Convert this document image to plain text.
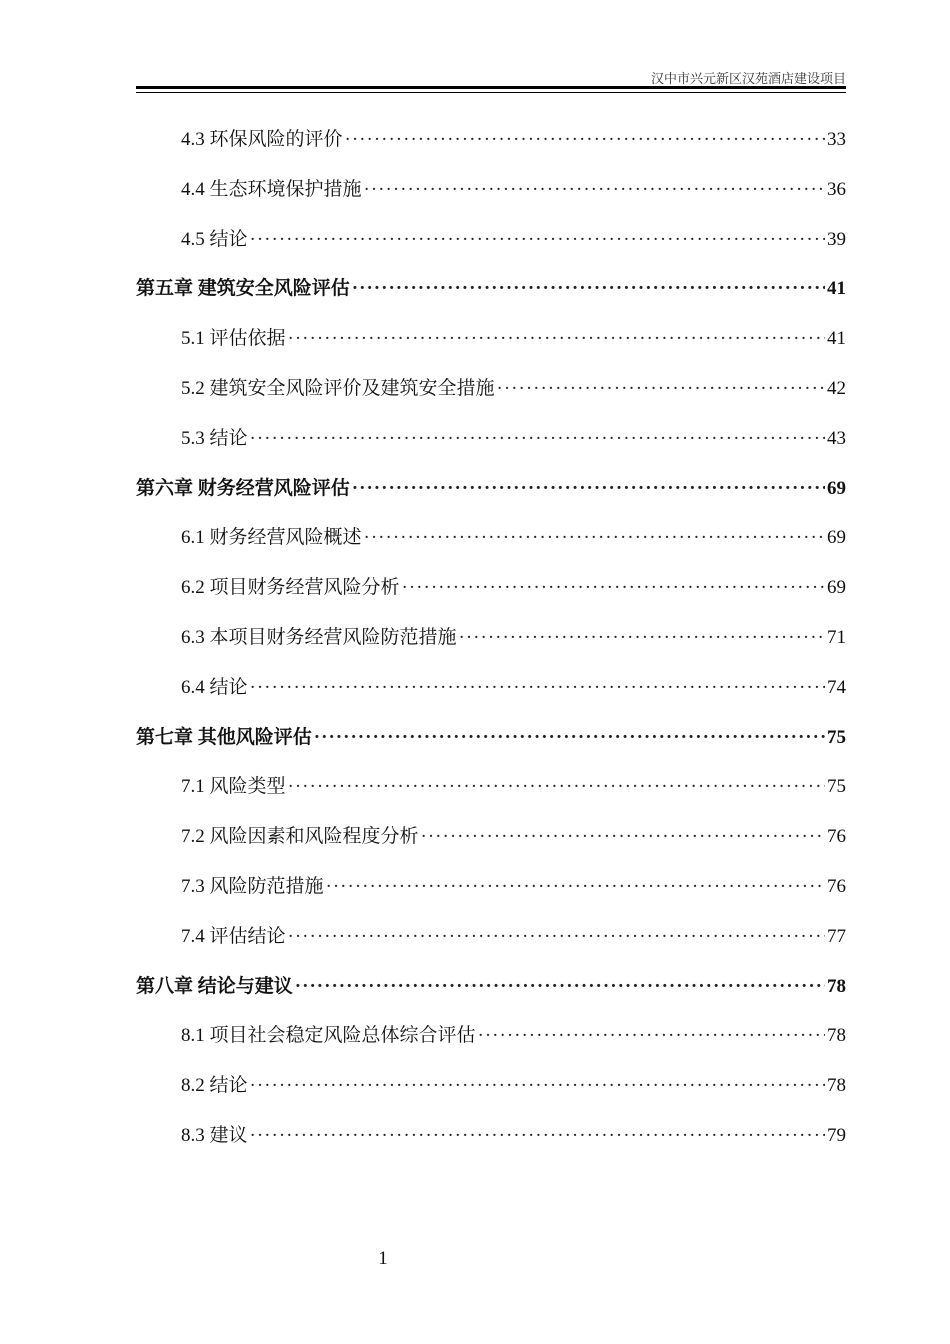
汉中市兴元新区汉苑酒店建设项目
4.3 环保风险的评价 ·····	33
4.4 生态环境保护措施 ·····	36
4.5 结论 ·····	39
第五章 建筑安全风险评估 ·····	41
5.1 评估依据 ·····	41
5.2 建筑安全风险评价及建筑安全措施 ·····	42
5.3 结论 ·····	43
第六章 财务经营风险评估 ·····	69
6.1 财务经营风险概述 ·····	69
6.2 项目财务经营风险分析 ·····	69
6.3 本项目财务经营风险防范措施 ·····	71
6.4 结论 ·····	74
第七章 其他风险评估 ·····	75
7.1 风险类型 ·····	75
7.2 风险因素和风险程度分析 ·····	76
7.3 风险防范措施 ·····	76
7.4 评估结论 ·····	77
第八章 结论与建议 ·····	78
8.1 项目社会稳定风险总体综合评估 ·····	78
8.2 结论 ·····	78
8.3 建议 ·····	79
1
